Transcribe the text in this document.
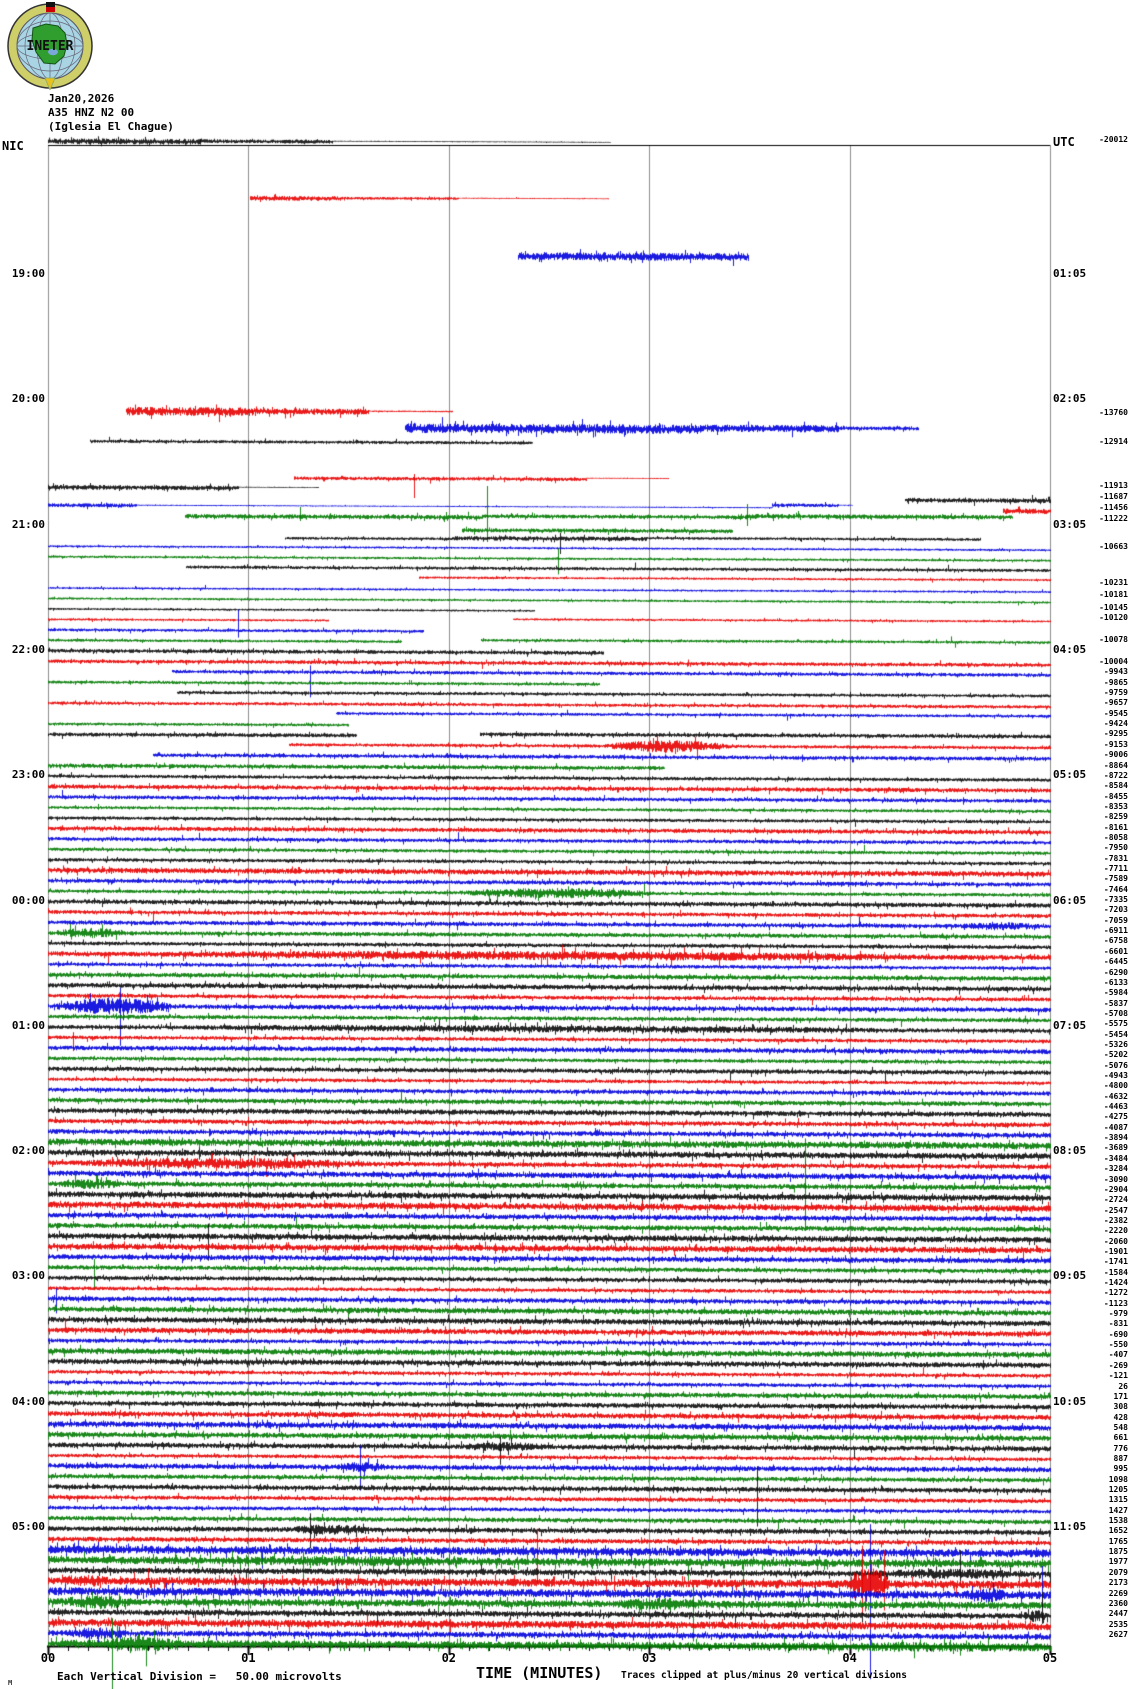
INETER
Jan20,2026
A35 HNZ N2 00
(Iglesia El Chague)
NIC	UTC	-20012
19:00
20:00
21:00
22:00
23:00
00:00
01:00
02:00
03:00
04:00
05:00
01:05
02:05
03:05
04:05
05:05
06:05
07:05
08:05
09:05
10:05
11:05
-13760
-12914
-11913
-11687
-11456
-11222
-10663
-10231
-10181
-10145
-10120
-10078
-10004
-9943
-9865
-9759
-9657
-9545
-9424
-9295
-9153
-9006
-8864
-8722
-8584
-8455
-8353
-8259
-8161
-8058
-7950
-7831
-7711
-7589
-7464
-7335
-7203
-7059
-6911
-6758
-6601
-6445
-6290
-6133
-5984
-5837
-5708
-5575
-5454
-5326
-5202
-5076
-4943
-4800
-4632
-4463
-4275
-4087
-3894
-3689
-3484
-3284
-3090
-2904
-2724
-2547
-2382
-2220
-2060
-1901
-1741
-1584
-1424
-1272
-1123
-979
-831
-690
-550
-407
-269
-121
26
171
308
428
548
661
776
887
995
1098
1205
1315
1427
1538
1652
1765
1875
1977
2079
2173
2269
2360
2447
2535
2627
00	01	02	03	04	05
M	Each Vertical Division =   50.00 microvolts	TIME (MINUTES) Traces clipped at plus/minus 20 vertical divisions
